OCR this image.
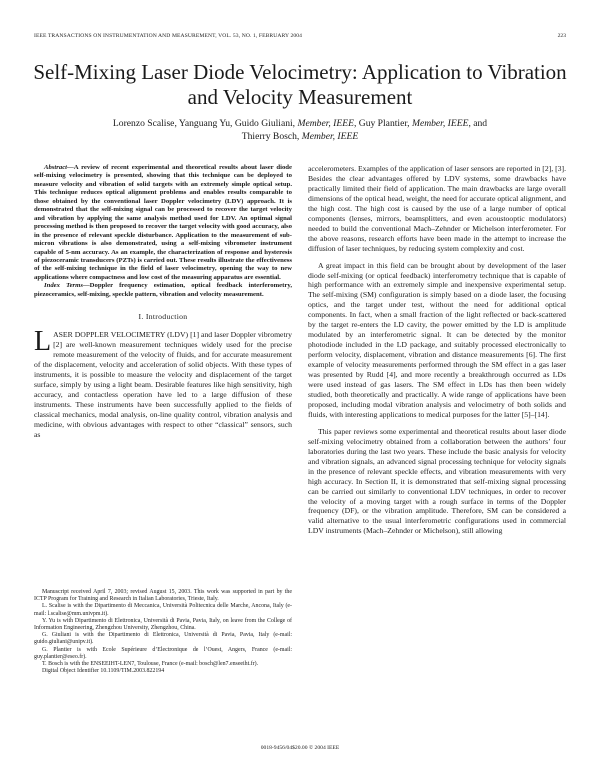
IEEE TRANSACTIONS ON INSTRUMENTATION AND MEASUREMENT, VOL. 53, NO. 1, FEBRUARY 2004	223
Self-Mixing Laser Diode Velocimetry: Application to Vibration and Velocity Measurement
Lorenzo Scalise, Yanguang Yu, Guido Giuliani, Member, IEEE, Guy Plantier, Member, IEEE, and
Thierry Bosch, Member, IEEE

Abstract—A review of recent experimental and theoretical results about laser diode self-mixing velocimetry is presented, showing that this technique can be deployed to measure velocity and vibration of solid targets with an extremely simple optical setup. This technique reduces optical alignment problems and enables results comparable to those obtained by the conventional laser Doppler velocimetry (LDV) approach. It is demonstrated that the self-mixing signal can be processed to recover the target velocity and vibration by applying the same analysis method used for LDV. An optimal signal processing method is then proposed to recover the target velocity with good accuracy, also in the presence of relevant speckle disturbance. Application to the measurement of sub-micron vibrations is also demonstrated, using a self-mixing vibrometer instrument capable of 5-nm accuracy. As an example, the characterization of response and hysteresis of piezoceramic transducers (PZTs) is carried out. These results illustrate the effectiveness of the self-mixing technique in the field of laser velocimetry, opening the way to new applications where compactness and low cost of the measuring apparatus are essential.

Index Terms—Doppler frequency estimation, optical feedback interferometry, piezoceramics, self-mixing, speckle pattern, vibration and velocity measurement.

I. Introduction

LASER DOPPLER VELOCIMETRY (LDV) [1] and laser Doppler vibrometry [2] are well-known measurement techniques widely used for the precise remote measurement of the velocity of fluids, and for accurate measurement of the displacement, velocity and acceleration of solid objects. With these types of instruments, it is possible to measure the velocity and displacement of the target surface, simply by using a light beam. Desirable features like high sensitivity, high accuracy, and contactless operation have led to a large diffusion of these instruments. These instruments have been successfully applied to the fields of classical mechanics, modal analysis, on-line quality control, vibration analysis and medicine, with obvious advantages with respect to other “classical” sensors, such as

Manuscript received April 7, 2003; revised August 15, 2003. This work was supported in part by the ICTP Program for Training and Research in Italian Laboratories, Trieste, Italy.
L. Scalise is with the Dipartimento di Meccanica, Università Politecnica delle Marche, Ancona, Italy (e-mail: l.scalise@mm.univpm.it).
Y. Yu is with Dipartimento di Elettronica, Università di Pavia, Pavia, Italy, on leave from the College of Information Engineering, Zhengzhou University, Zhengzhou, China.
G. Giuliani is with the Dipartimento di Elettronica, Università di Pavia, Pavia, Italy (e-mail: guido.giuliani@unipv.it).
G. Plantier is with Ecole Supérieure d’Electronique de l’Ouest, Angers, France (e-mail: guy.plantier@eseo.fr).
T. Bosch is with the ENSEEIHT-LEN7, Toulouse, France (e-mail: bosch@len7.enseeiht.fr).
Digital Object Identifier 10.1109/TIM.2003.822194

accelerometers. Examples of the application of laser sensors are reported in [2], [3]. Besides the clear advantages offered by LDV systems, some drawbacks have practically limited their field of application. The main drawbacks are large overall dimensions of the optical head, weight, the need for accurate optical alignment, and the high cost. The high cost is caused by the use of a large number of optical components (lenses, mirrors, beamsplitters, and even acoustooptic modulators) needed to build the conventional Mach–Zehnder or Michelson interferometer. For the above reasons, research efforts have been made in the attempt to increase the diffusion of laser techniques, by reducing system complexity and cost.

A great impact in this field can be brought about by development of the laser diode self-mixing (or optical feedback) interferometry technique that is capable of high performance with an extremely simple and inexpensive experimental setup. The self-mixing (SM) configuration is simply based on a diode laser, the focusing optics, and the target under test, without the need for additional optical components. In fact, when a small fraction of the light reflected or back-scattered by the target re-enters the LD cavity, the power emitted by the LD is amplitude modulated by an interferometric signal. It can be detected by the monitor photodiode included in the LD package, and suitably processed electronically to perform velocity, displacement, vibration and distance measurements [6]. The first example of velocity measurements performed through the SM effect in a gas laser was presented by Rudd [4], and more recently a breakthrough occurred as LDs were used instead of gas lasers. The SM effect in LDs has then been widely studied, both theoretically and practically. A wide range of applications have been proposed, including modal vibration analysis and velocimetry of both solids and fluids, with interesting applications to medical purposes for the latter [5]–[14].

This paper reviews some experimental and theoretical results about laser diode self-mixing velocimetry obtained from a collaboration between the authors’ four laboratories during the last two years. These include the basic analysis for velocity and vibration signals, an advanced signal processing technique for velocity signals in the presence of relevant speckle effects, and vibration measurements with very high accuracy. In Section II, it is demonstrated that self-mixing signal processing can be carried out similarly to conventional LDV techniques, in order to recover the velocity of a moving target with a rough surface in terms of the Doppler frequency (DF), or the vibration amplitude. Therefore, SM can be considered a valid alternative to the usual interferometric configurations used in commercial LDV instruments (Mach–Zehnder or Michelson), still allowing

0018-9456/04$20.00 © 2004 IEEE
